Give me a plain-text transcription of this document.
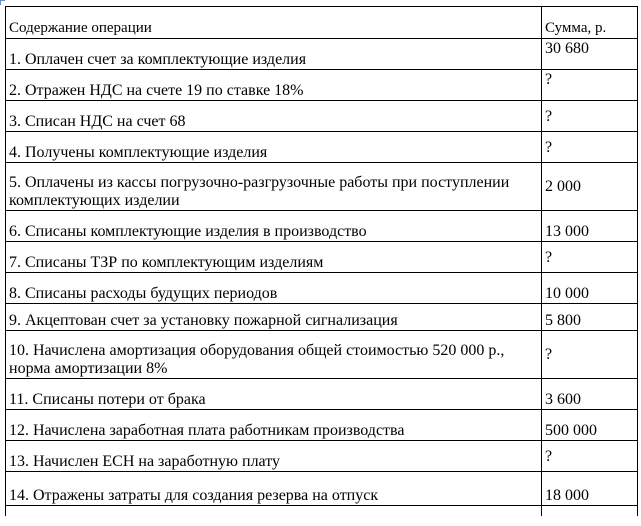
Содержание операции	Сумма, р.
1. Оплачен счет за комплектующие изделия	30 680
2. Отражен НДС на счете 19 по ставке 18%	?
3. Списан НДС на счет 68	?
4. Получены комплектующие изделия	?
5. Оплачены из кассы погрузочно-разгрузочные работы при поступлении комплектующих изделии	2 000
6. Списаны комплектующие изделия в производство	13 000
7. Списаны ТЗР по комплектующим изделиям	?
8. Списаны расходы будущих периодов	10 000
9. Акцептован счет за установку пожарной сигнализация	5 800
10. Начислена амортизация оборудования общей стоимостью 520 000 р., норма амортизации 8%	?
11. Списаны потери от брака	3 600
12. Начислена заработная плата работникам производства	500 000
13. Начислен ЕСН на заработную плату	?
14. Отражены затраты для создания резерва на отпуск	18 000
